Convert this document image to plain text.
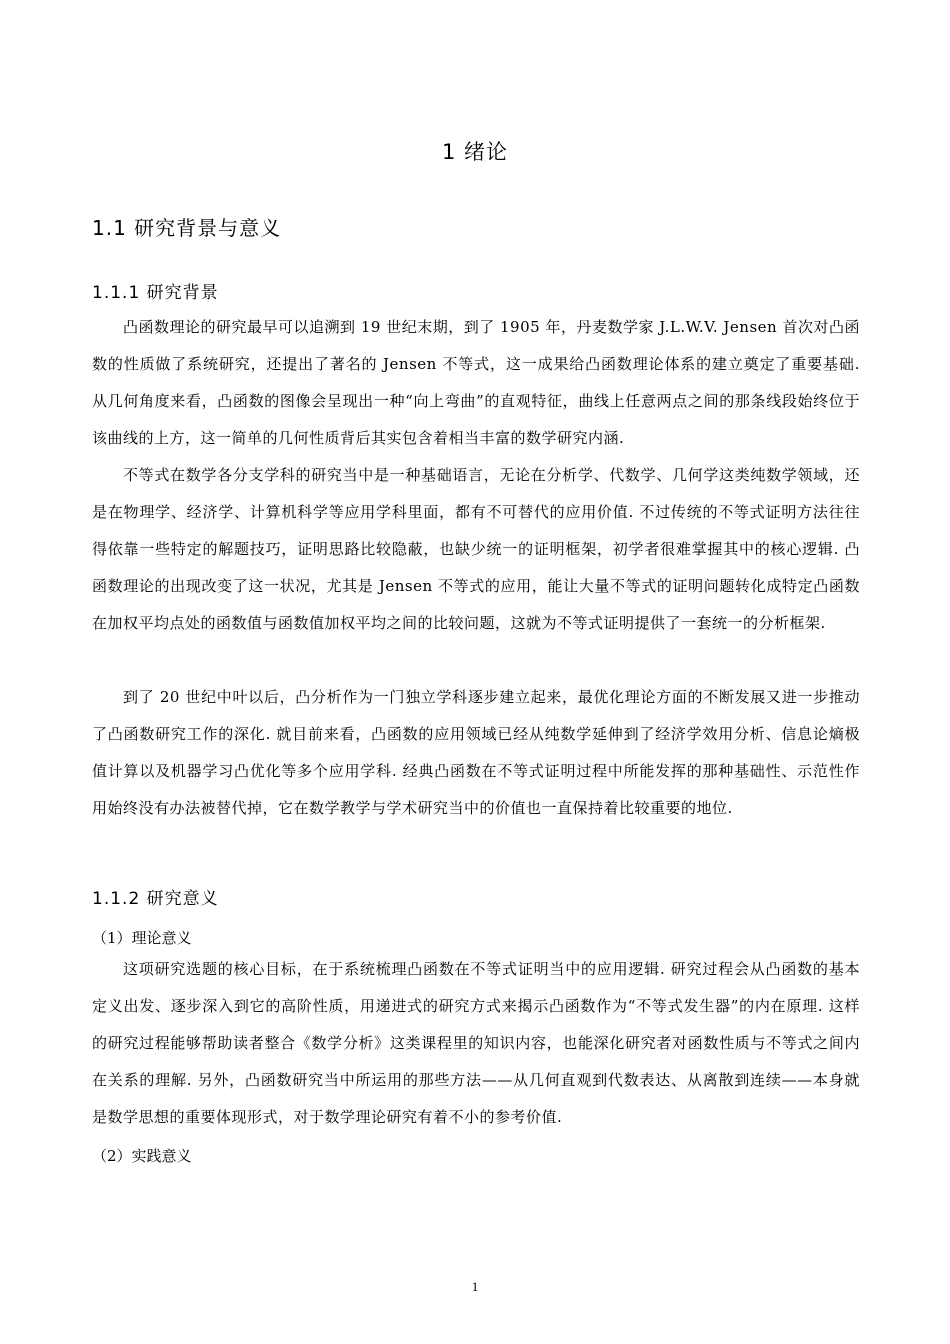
1 绪论
1.1 研究背景与意义
1.1.1 研究背景

凸函数理论的研究最早可以追溯到 19 世纪末期，到了 1905 年，丹麦数学家 J.L.W.V. Jensen 首次对凸函数的性质做了系统研究，还提出了著名的 Jensen 不等式，这一成果给凸函数理论体系的建立奠定了重要基础. 从几何角度来看，凸函数的图像会呈现出一种“向上弯曲”的直观特征，曲线上任意两点之间的那条线段始终位于该曲线的上方，这一简单的几何性质背后其实包含着相当丰富的数学研究内涵.

不等式在数学各分支学科的研究当中是一种基础语言，无论在分析学、代数学、几何学这类纯数学领域，还是在物理学、经济学、计算机科学等应用学科里面，都有不可替代的应用价值. 不过传统的不等式证明方法往往得依靠一些特定的解题技巧，证明思路比较隐蔽，也缺少统一的证明框架，初学者很难掌握其中的核心逻辑. 凸函数理论的出现改变了这一状况，尤其是 Jensen 不等式的应用，能让大量不等式的证明问题转化成特定凸函数在加权平均点处的函数值与函数值加权平均之间的比较问题，这就为不等式证明提供了一套统一的分析框架.

到了 20 世纪中叶以后，凸分析作为一门独立学科逐步建立起来，最优化理论方面的不断发展又进一步推动了凸函数研究工作的深化. 就目前来看，凸函数的应用领域已经从纯数学延伸到了经济学效用分析、信息论熵极值计算以及机器学习凸优化等多个应用学科. 经典凸函数在不等式证明过程中所能发挥的那种基础性、示范性作用始终没有办法被替代掉，它在数学教学与学术研究当中的价值也一直保持着比较重要的地位.

1.1.2 研究意义
（1）理论意义

这项研究选题的核心目标，在于系统梳理凸函数在不等式证明当中的应用逻辑. 研究过程会从凸函数的基本定义出发、逐步深入到它的高阶性质，用递进式的研究方式来揭示凸函数作为“不等式发生器”的内在原理. 这样的研究过程能够帮助读者整合《数学分析》这类课程里的知识内容，也能深化研究者对函数性质与不等式之间内在关系的理解. 另外，凸函数研究当中所运用的那些方法——从几何直观到代数表达、从离散到连续——本身就是数学思想的重要体现形式，对于数学理论研究有着不小的参考价值.

（2）实践意义
1
